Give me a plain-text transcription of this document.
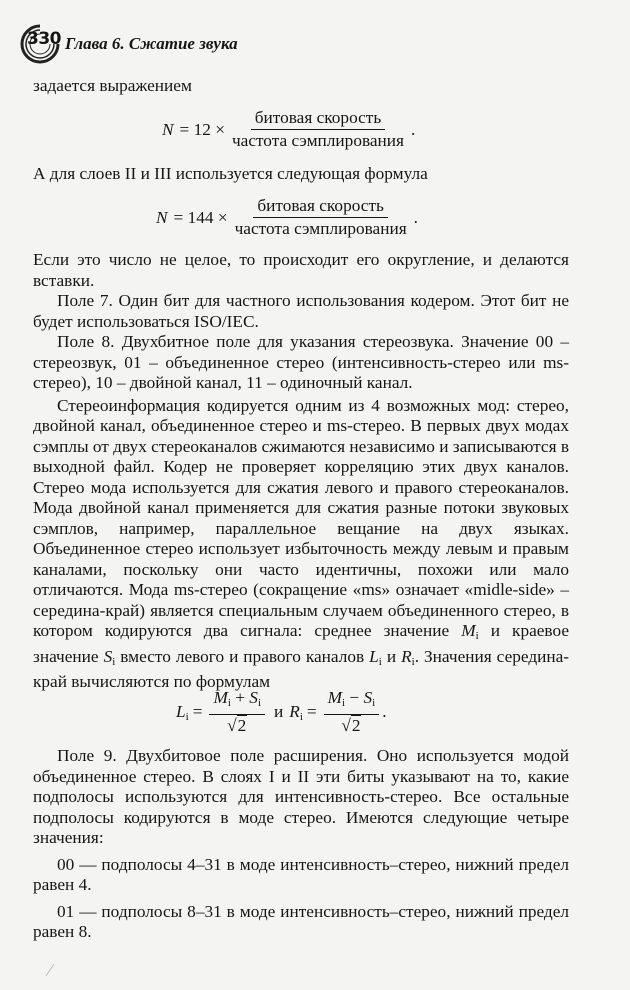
330 Глава 6. Сжатие звука

задается выражением

$N = 12 \times \frac{\text{битовая скорость}}{\text{частота сэмплирования}}$ .

А для слоев II и III используется следующая формула

$N = 144 \times \frac{\text{битовая скорость}}{\text{частота сэмплирования}}$ .

Если это число не целое, то происходит его округление, и делаются вставки.

Поле 7. Один бит для частного использования кодером. Этот бит не будет использоваться ISO/IEC.

Поле 8. Двухбитное поле для указания стереозвука. Значение 00 – стереозвук, 01 – объединенное стерео (интенсивность-стерео или ms-стерео), 10 – двойной канал, 11 – одиночный канал.

Стереоинформация кодируется одним из 4 возможных мод: стерео, двойной канал, объединенное стерео и ms-стерео. В первых двух модах сэмплы от двух стереоканалов сжимаются независимо и записываются в выходной файл. Кодер не проверяет корреляцию этих двух каналов. Стерео мода используется для сжатия левого и правого стереоканалов. Мода двойной канал применяется для сжатия разные потоки звуковых сэмплов, например, параллельное вещание на двух языках. Объединенное стерео использует избыточность между левым и правым каналами, поскольку они часто идентичны, похожи или мало отличаются. Мода ms-стерео (сокращение «ms» означает «midle-side» – середина-край) является специальным случаем объединенного стерео, в котором кодируются два сигнала: среднее значение $M_i$ и краевое значение $S_i$ вместо левого и правого каналов $L_i$ и $R_i$. Значения середина-край вычисляются по формулам

$L_i = \frac{M_i + S_i}{√2}$ и $R_i = \frac{M_i - S_i}{√2}$ .

Поле 9. Двухбитовое поле расширения. Оно используется модой объединенное стерео. В слоях I и II эти биты указывают на то, какие подполосы используются для интенсивность-стерео. Все остальные подполосы кодируются в моде стерео. Имеются следующие четыре значения:

00 — подполосы 4–31 в моде интенсивность–стерео, нижний предел равен 4.

01 — подполосы 8–31 в моде интенсивность–стерео, нижний предел равен 8.
